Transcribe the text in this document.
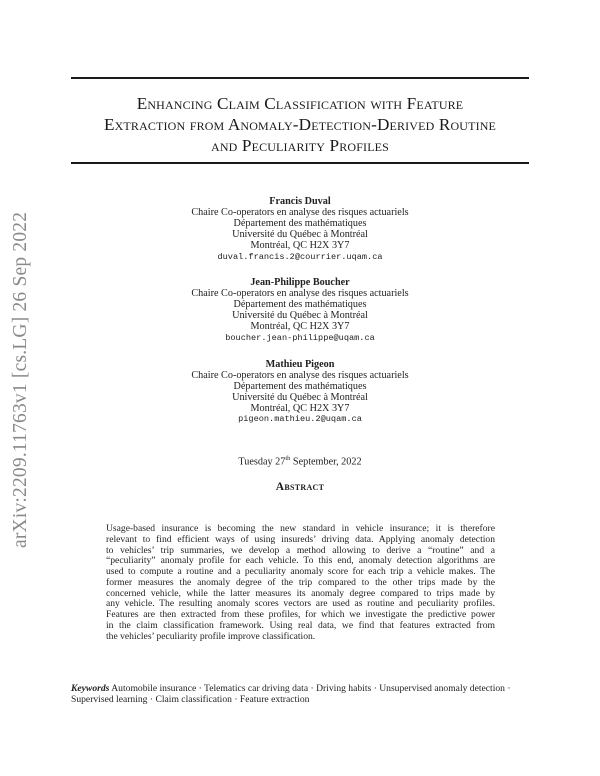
arXiv:2209.11763v1 [cs.LG] 26 Sep 2022
Enhancing Claim Classification with Feature
Extraction from Anomaly-Detection-Derived Routine
and Peculiarity Profiles
Francis Duval
Chaire Co-operators en analyse des risques actuariels
Département des mathématiques
Université du Québec à Montréal
Montréal, QC H2X 3Y7
duval.francis.2@courrier.uqam.ca
Jean-Philippe Boucher
Chaire Co-operators en analyse des risques actuariels
Département des mathématiques
Université du Québec à Montréal
Montréal, QC H2X 3Y7
boucher.jean-philippe@uqam.ca
Mathieu Pigeon
Chaire Co-operators en analyse des risques actuariels
Département des mathématiques
Université du Québec à Montréal
Montréal, QC H2X 3Y7
pigeon.mathieu.2@uqam.ca
Tuesday 27th September, 2022
Abstract
Usage-based insurance is becoming the new standard in vehicle insurance; it is therefore
relevant to find efficient ways of using insureds’ driving data. Applying anomaly detection
to vehicles’ trip summaries, we develop a method allowing to derive a “routine” and a
“peculiarity” anomaly profile for each vehicle. To this end, anomaly detection algorithms are
used to compute a routine and a peculiarity anomaly score for each trip a vehicle makes. The
former measures the anomaly degree of the trip compared to the other trips made by the
concerned vehicle, while the latter measures its anomaly degree compared to trips made by
any vehicle. The resulting anomaly scores vectors are used as routine and peculiarity profiles.
Features are then extracted from these profiles, for which we investigate the predictive power
in the claim classification framework. Using real data, we find that features extracted from
the vehicles’ peculiarity profile improve classification.
Keywords Automobile insurance · Telematics car driving data · Driving habits · Unsupervised anomaly detection · Supervised learning · Claim classification · Feature extraction
